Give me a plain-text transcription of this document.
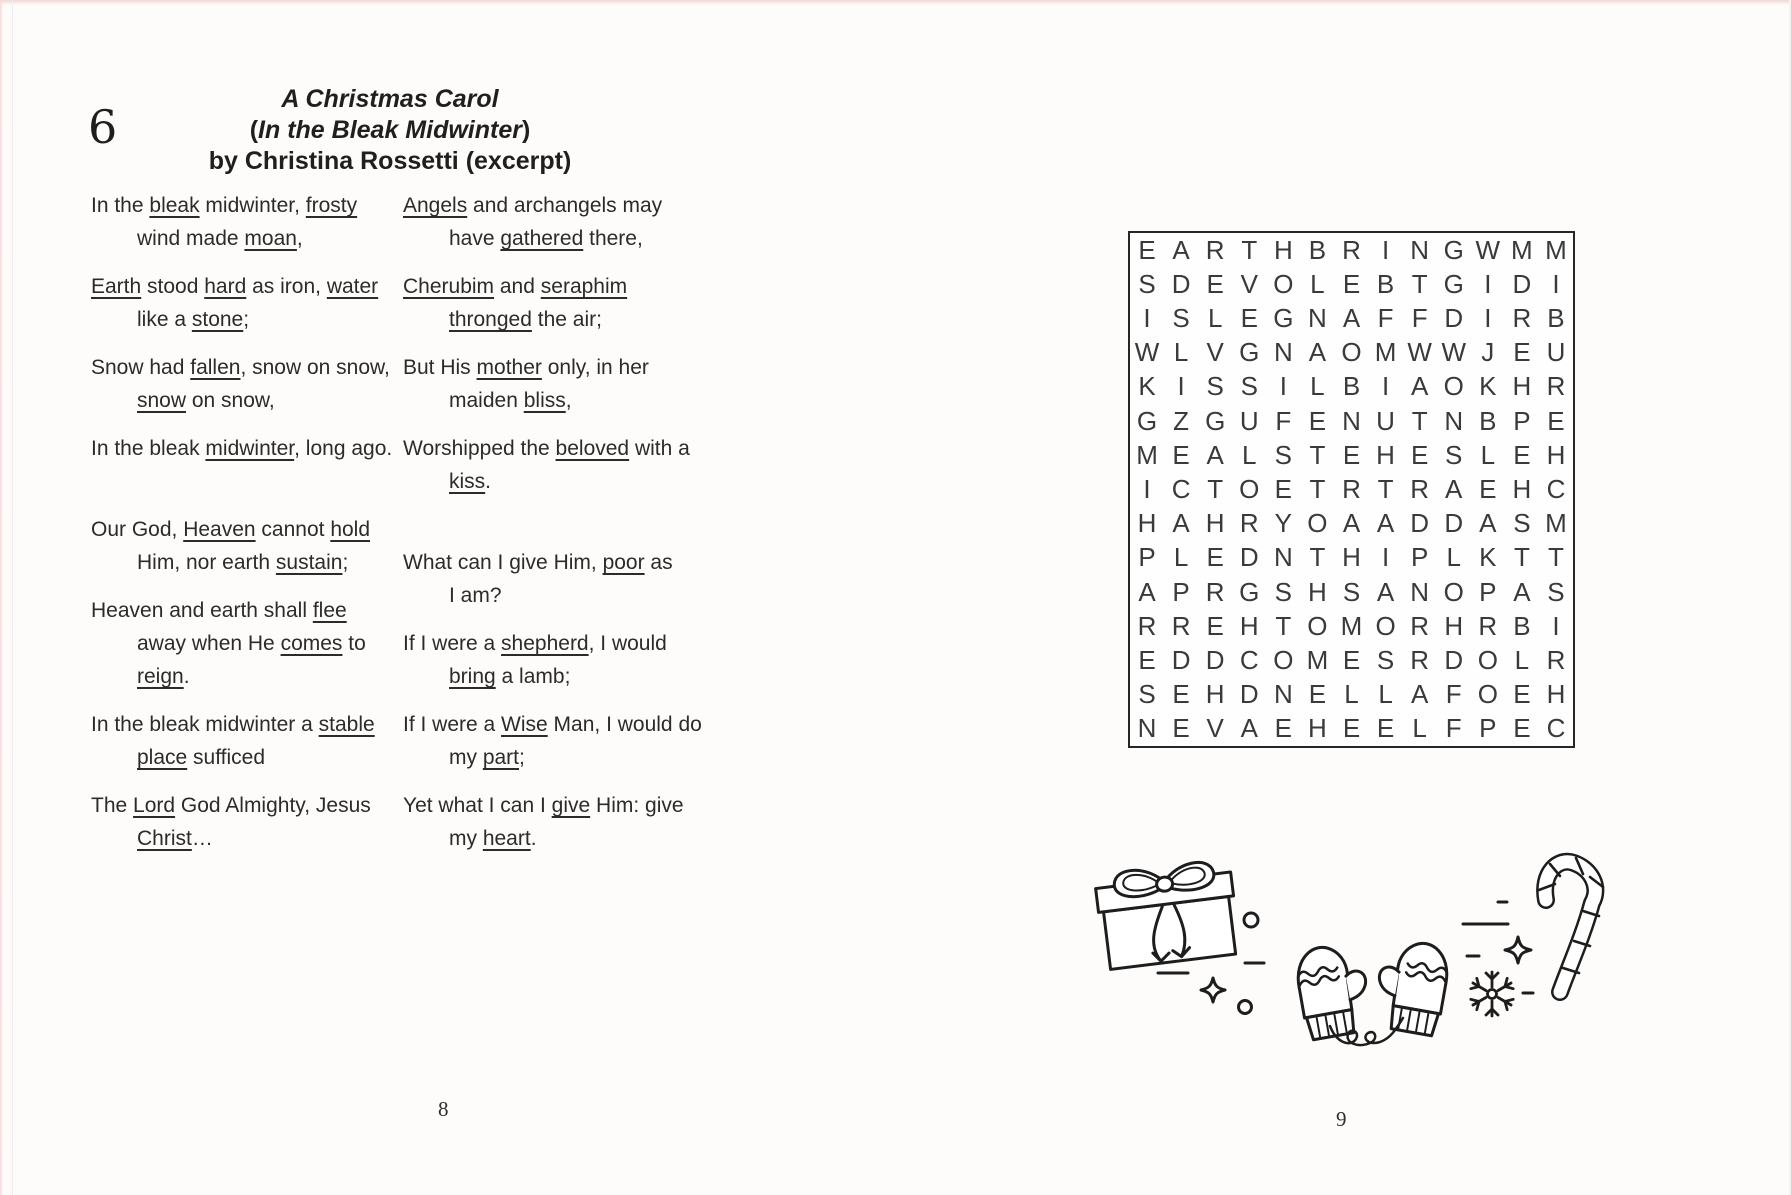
6
A Christmas Carol
(In the Bleak Midwinter)
by Christina Rossetti (excerpt)
In the bleak midwinter, frosty
wind made moan,
Earth stood hard as iron, water
like a stone;
Snow had fallen, snow on snow,
snow on snow,
In the bleak midwinter, long ago.
Our God, Heaven cannot hold
Him, nor earth sustain;
Heaven and earth shall flee
away when He comes to
reign.
In the bleak midwinter a stable
place sufficed
The Lord God Almighty, Jesus
Christ…
Angels and archangels may
have gathered there,
Cherubim and seraphim
thronged the air;
But His mother only, in her
maiden bliss,
Worshipped the beloved with a
kiss.
What can I give Him, poor as
I am?
If I were a shepherd, I would
bring a lamb;
If I were a Wise Man, I would do
my part;
Yet what I can I give Him: give
my heart.
8
E A R T H B R I N G W M M
S D E V O L E B T G I D I
I S L E G N A F F D I R B
W L V G N A O M W W J E U
K I S S I L B I A O K H R
G Z G U F E N U T N B P E
M E A L S T E H E S L E H
I C T O E T R T R A E H C
H A H R Y O A A D D A S M
P L E D N T H I P L K T T
A P R G S H S A N O P A S
R R E H T O M O R H R B I
E D D C O M E S R D O L R
S E H D N E L L A F O E H
N E V A E H E E L F P E C
9
